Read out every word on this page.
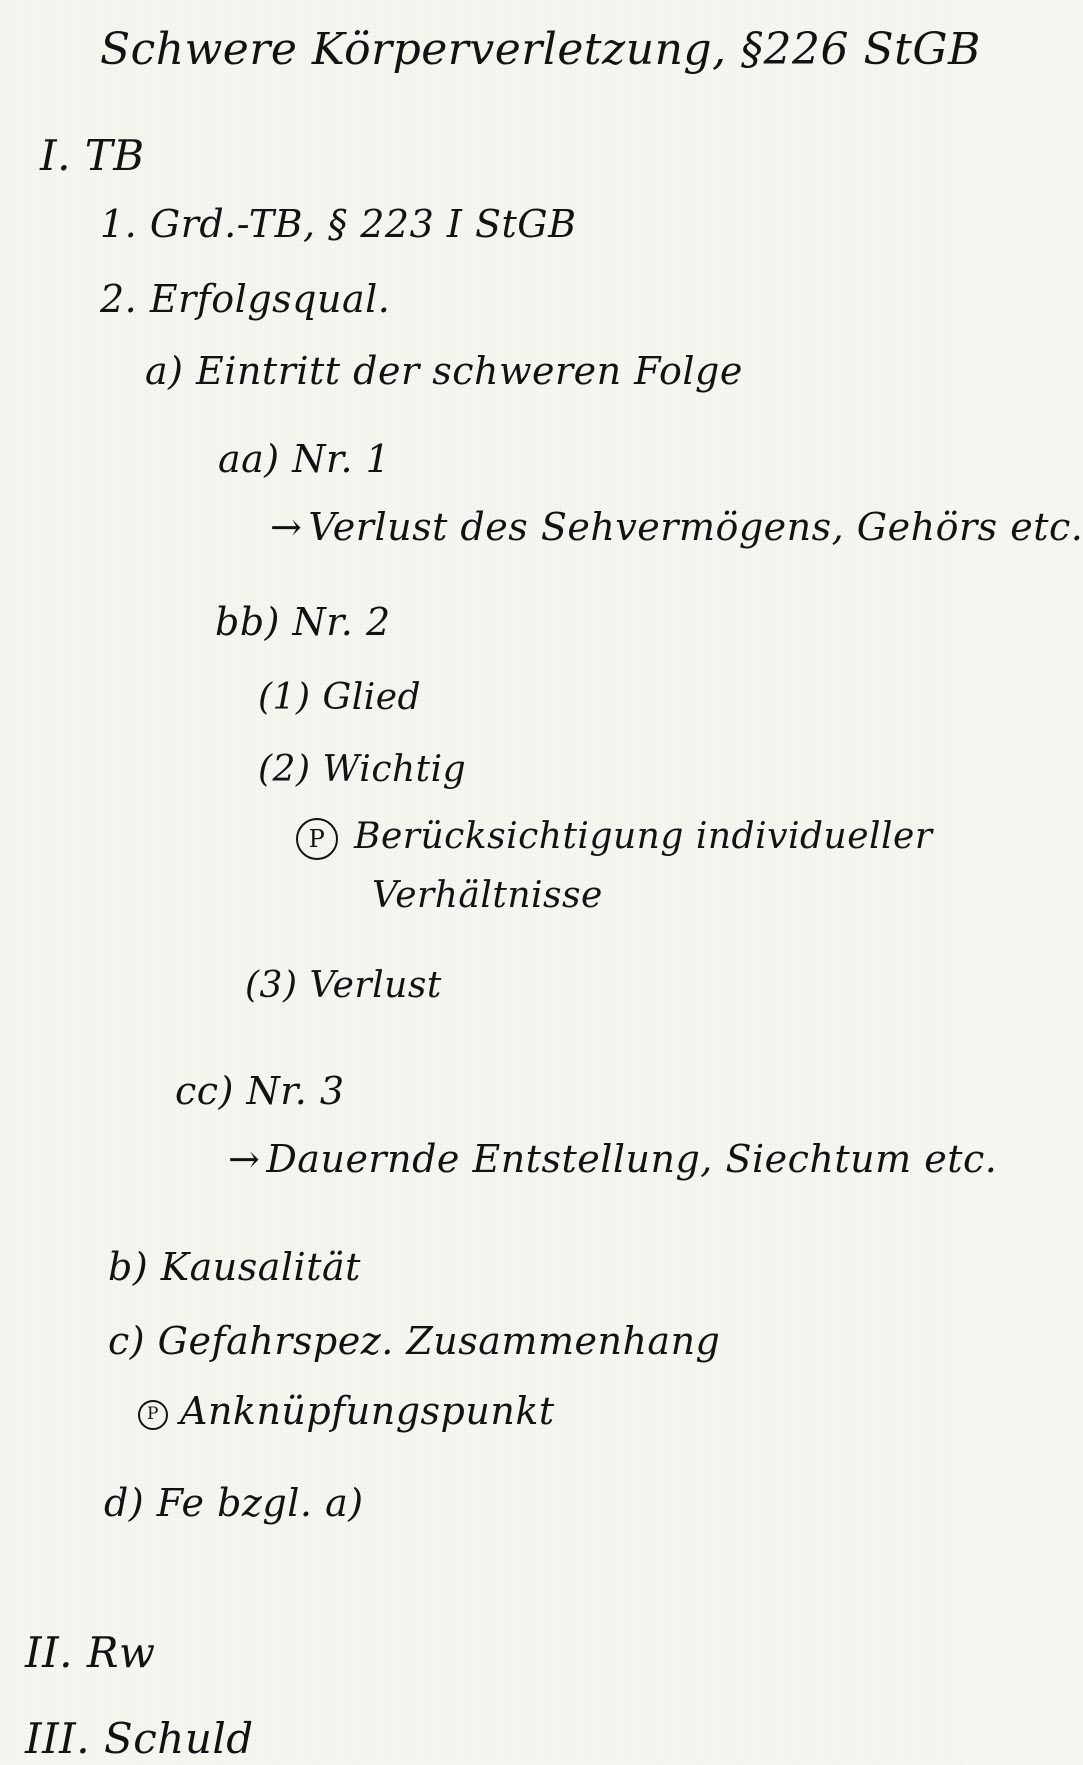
Schwere Körperverletzung, §226 StGB
I. TB
1. Grd.-TB, § 223 I StGB
2. Erfolgsqual.
a) Eintritt der schweren Folge
aa) Nr. 1
→ Verlust des Sehvermögens, Gehörs etc.
bb) Nr. 2
(1) Glied
(2) Wichtig
P Berücksichtigung individueller
Verhältnisse
(3) Verlust
cc) Nr. 3
→ Dauernde Entstellung, Siechtum etc.
b) Kausalität
c) Gefahrspez. Zusammenhang
P Anknüpfungspunkt
d) Fe bzgl. a)
II. Rw
III. Schuld
